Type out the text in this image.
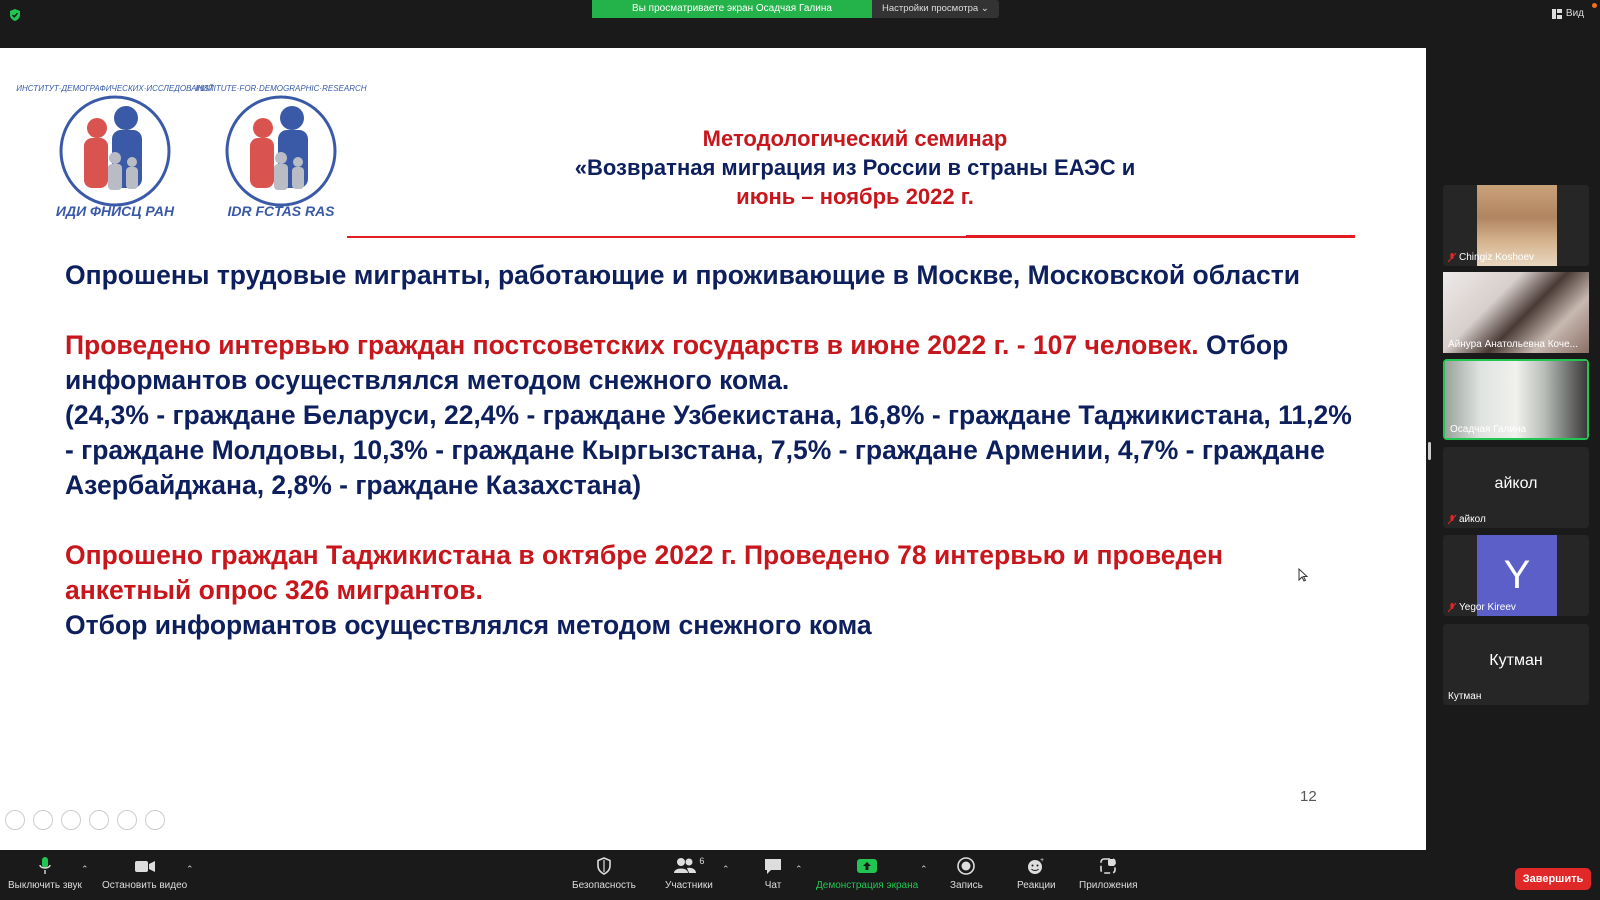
Вы просматриваете экран Осадчая Галина	Настройки просмотра ⌄	Вид
ИДИ ФНИСЦ РАН
ИНСТИТУТ·ДЕМОГРАФИЧЕСКИХ·ИССЛЕДОВАНИЙ
IDR FCTAS RAS
INSTITUTE·FOR·DEMOGRAPHIC·RESEARCH
Методологический семинар
«Возвратная миграция из России в страны ЕАЭС и
июнь – ноябрь 2022 г.

Опрошены трудовые мигранты, работающие и проживающие в Москве, Московской области

Проведено интервью граждан постсоветских государств в июне 2022 г. - 107 человек. Отбор информантов осуществлялся методом снежного кома.

(24,3% - граждане Беларуси, 22,4% - граждане Узбекистана, 16,8% - граждане Таджикистана, 11,2% - граждане Молдовы, 10,3% - граждане Кыргызстана, 7,5% - граждане Армении, 4,7% - граждане Азербайджана, 2,8% - граждане Казахстана)

Опрошено граждан Таджикистана в октябре 2022 г. Проведено 78 интервью и проведен анкетный опрос 326 мигрантов.

Отбор информантов осуществлялся методом снежного кома

12
Chingiz Koshoev
Айнура Анатольевна Коче...
Осадчая Галина
айкол
айкол
Y
Yegor Kireev
Кутман
Кутман
Выключить звук
⌃
Остановить видео
⌃
Безопасность
6
Участники
⌃
Чат
⌃
Демонстрация экрана
⌃
Запись
+
Реакции Приложения
Завершить
